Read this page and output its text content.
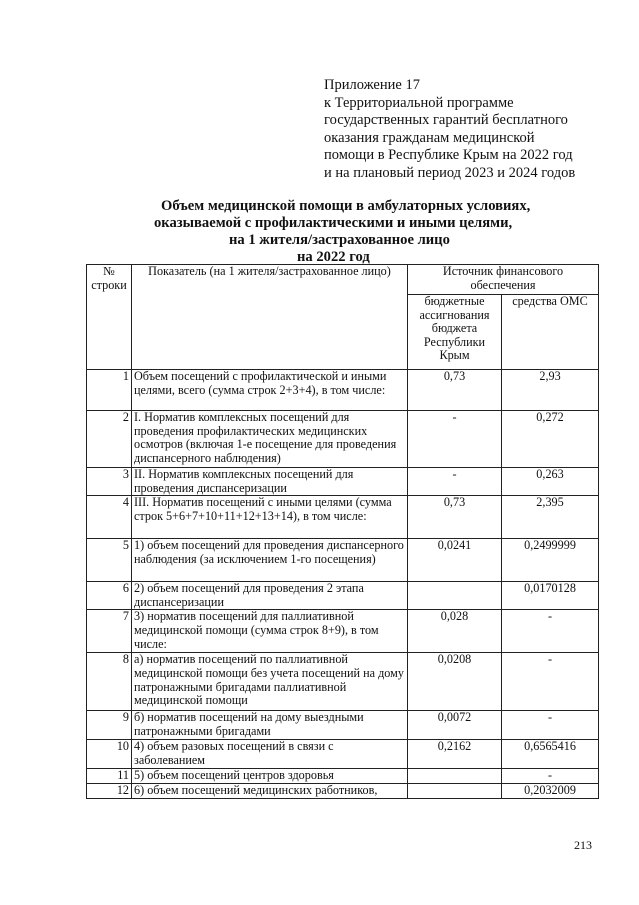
Приложение 17
к Территориальной программе
государственных гарантий бесплатного
оказания гражданам медицинской
помощи в Республике Крым на 2022 год
и на плановый период 2023 и 2024 годов
Объем медицинской помощи в амбулаторных условиях,
оказываемой с профилактическими и иными целями,
на 1 жителя/застрахованное лицо
на 2022 год
№ строки	Показатель (на 1 жителя/застрахованное лицо)	Источник финансового обеспечения	
		бюджетные ассигнования бюджета Республики Крым	средства ОМС
1	Объем посещений с профилактической и иными целями, всего (сумма строк 2+3+4), в том числе:	0,73	2,93
2	I. Норматив комплексных посещений для проведения профилактических медицинских осмотров (включая 1-е посещение для проведения диспансерного наблюдения)	-	0,272
3	II. Норматив комплексных посещений для проведения диспансеризации	-	0,263
4	III. Норматив посещений с иными целями (сумма строк 5+6+7+10+11+12+13+14), в том числе:	0,73	2,395
5	1) объем посещений для проведения диспансерного наблюдения (за исключением 1-го посещения)	0,0241	0,2499999
6	2) объем посещений для проведения 2 этапа диспансеризации		0,0170128
7	3) норматив посещений для паллиативной медицинской помощи (сумма строк 8+9), в том числе:	0,028	-
8	а) норматив посещений по паллиативной медицинской помощи без учета посещений на дому патронажными бригадами паллиативной медицинской помощи	0,0208	-
9	б) норматив посещений на дому выездными патронажными бригадами	0,0072	-
10	4) объем разовых посещений в связи с заболеванием	0,2162	0,6565416
11	5) объем посещений центров здоровья		-
12	6) объем посещений медицинских работников,		0,2032009
213
